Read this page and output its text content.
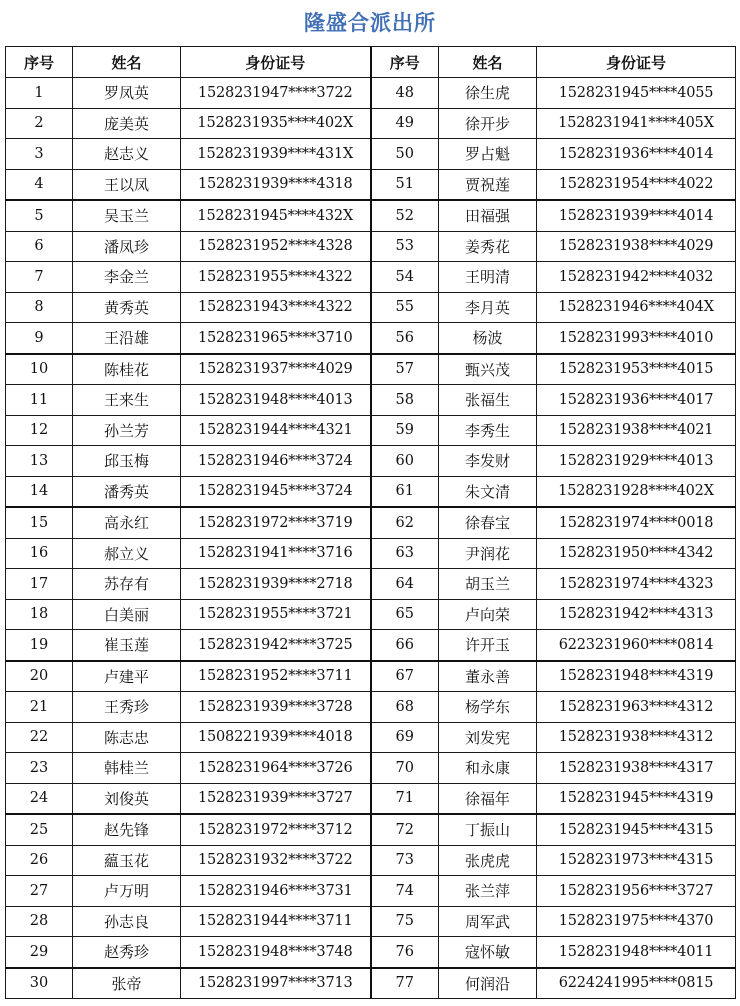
隆盛合派出所
序号	姓名	身份证号	序号	姓名	身份证号
1	罗凤英	1528231947****3722	48	徐生虎	1528231945****4055
2	庞美英	1528231935****402X	49	徐开步	1528231941****405X
3	赵志义	1528231939****431X	50	罗占魁	1528231936****4014
4	王以凤	1528231939****4318	51	贾祝莲	1528231954****4022
5	吴玉兰	1528231945****432X	52	田福强	1528231939****4014
6	潘凤珍	1528231952****4328	53	姜秀花	1528231938****4029
7	李金兰	1528231955****4322	54	王明清	1528231942****4032
8	黄秀英	1528231943****4322	55	李月英	1528231946****404X
9	王沿雄	1528231965****3710	56	杨波	1528231993****4010
10	陈桂花	1528231937****4029	57	甄兴茂	1528231953****4015
11	王来生	1528231948****4013	58	张福生	1528231936****4017
12	孙兰芳	1528231944****4321	59	李秀生	1528231938****4021
13	邱玉梅	1528231946****3724	60	李发财	1528231929****4013
14	潘秀英	1528231945****3724	61	朱文清	1528231928****402X
15	高永红	1528231972****3719	62	徐春宝	1528231974****0018
16	郝立义	1528231941****3716	63	尹润花	1528231950****4342
17	苏存有	1528231939****2718	64	胡玉兰	1528231974****4323
18	白美丽	1528231955****3721	65	卢向荣	1528231942****4313
19	崔玉莲	1528231942****3725	66	许开玉	6223231960****0814
20	卢建平	1528231952****3711	67	董永善	1528231948****4319
21	王秀珍	1528231939****3728	68	杨学东	1528231963****4312
22	陈志忠	1508221939****4018	69	刘发宪	1528231938****4312
23	韩桂兰	1528231964****3726	70	和永康	1528231938****4317
24	刘俊英	1528231939****3727	71	徐福年	1528231945****4319
25	赵先锋	1528231972****3712	72	丁振山	1528231945****4315
26	藴玉花	1528231932****3722	73	张虎虎	1528231973****4315
27	卢万明	1528231946****3731	74	张兰萍	1528231956****3727
28	孙志良	1528231944****3711	75	周军武	1528231975****4370
29	赵秀珍	1528231948****3748	76	寇怀敏	1528231948****4011
30	张帝	1528231997****3713	77	何润沿	6224241995****0815
